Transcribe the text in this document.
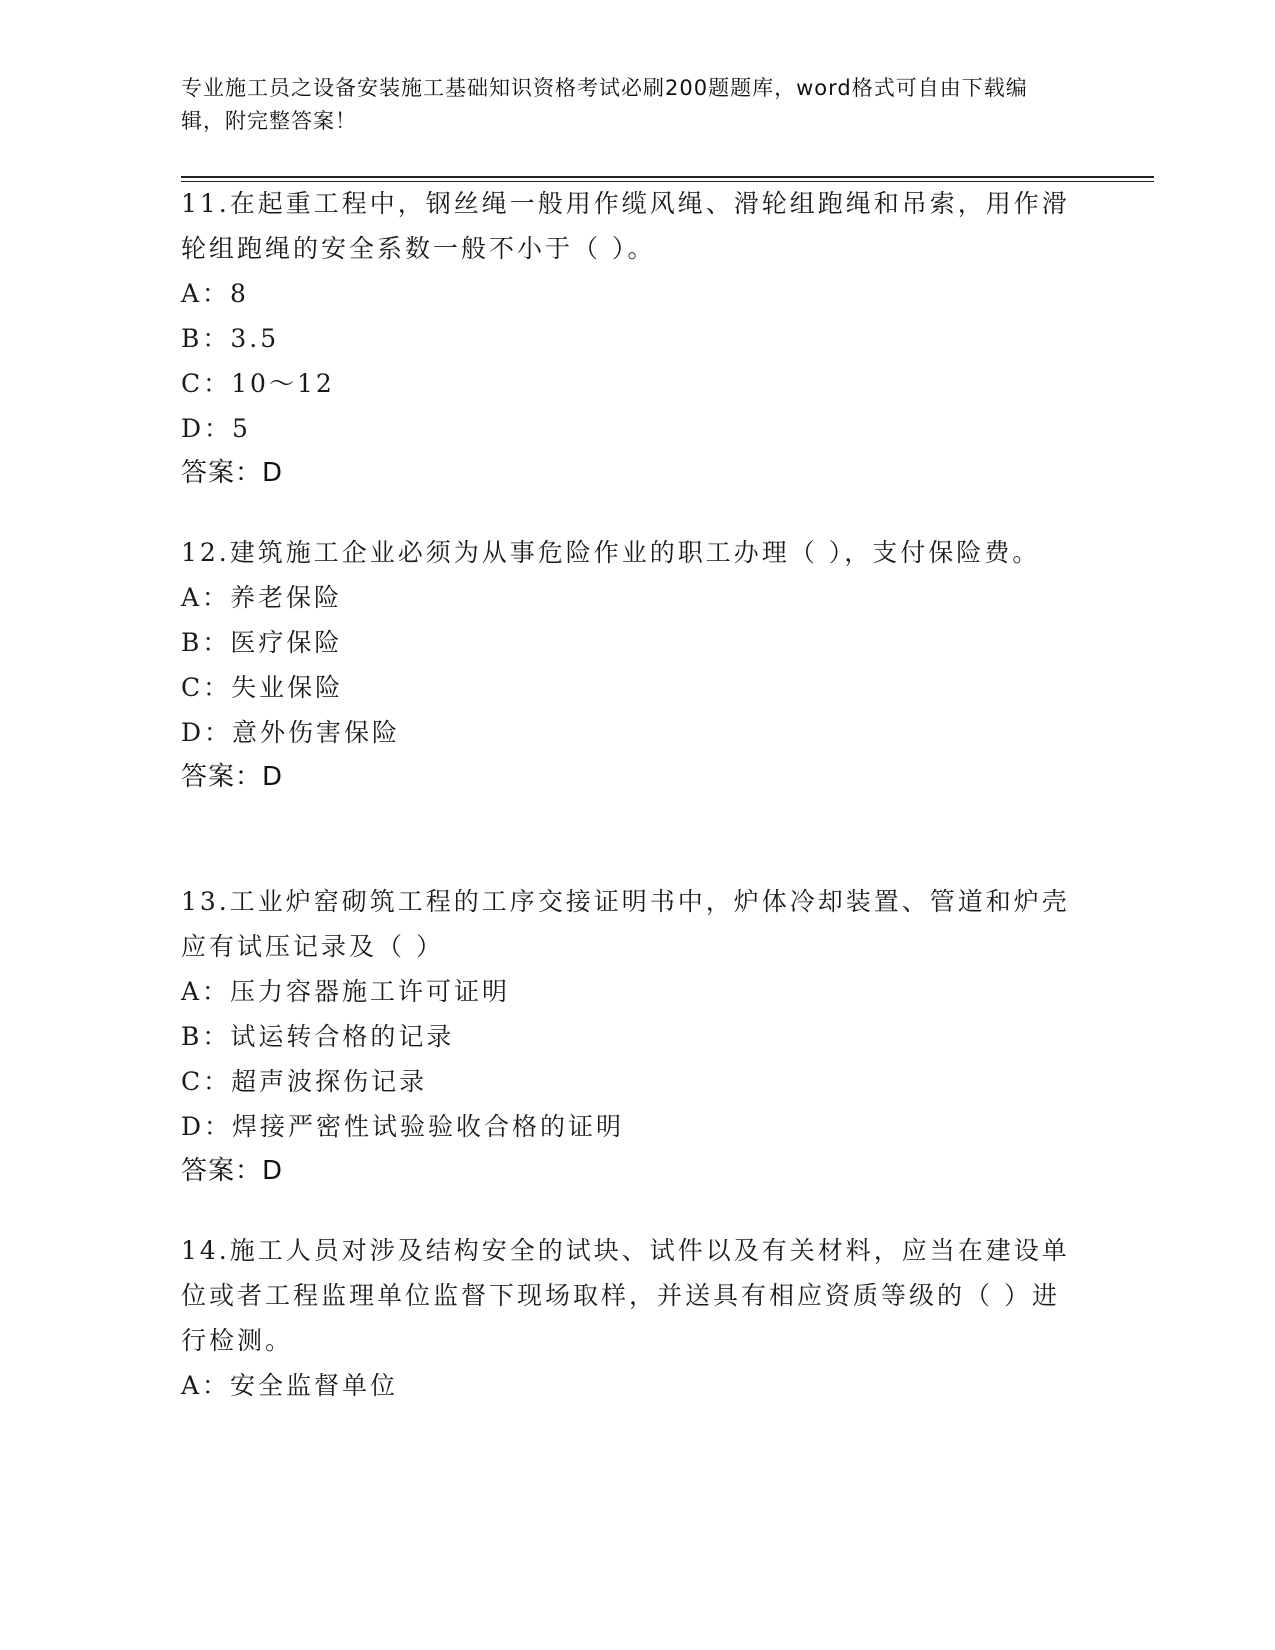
专业施工员之设备安装施工基础知识资格考试必刷200题题库，word格式可自由下载编辑，附完整答案！
11.在起重工程中，钢丝绳一般用作缆风绳、滑轮组跑绳和吊索，用作滑轮组跑绳的安全系数一般不小于（ ）。
A：8
B：3.5
C：10～12
D：5
答案：D
12.建筑施工企业必须为从事危险作业的职工办理（ ），支付保险费。
A：养老保险
B：医疗保险
C：失业保险
D：意外伤害保险
答案：D
13.工业炉窑砌筑工程的工序交接证明书中，炉体冷却装置、管道和炉壳应有试压记录及（ ）
A：压力容器施工许可证明
B：试运转合格的记录
C：超声波探伤记录
D：焊接严密性试验验收合格的证明
答案：D
14.施工人员对涉及结构安全的试块、试件以及有关材料，应当在建设单位或者工程监理单位监督下现场取样，并送具有相应资质等级的（ ）进行检测。
A：安全监督单位
